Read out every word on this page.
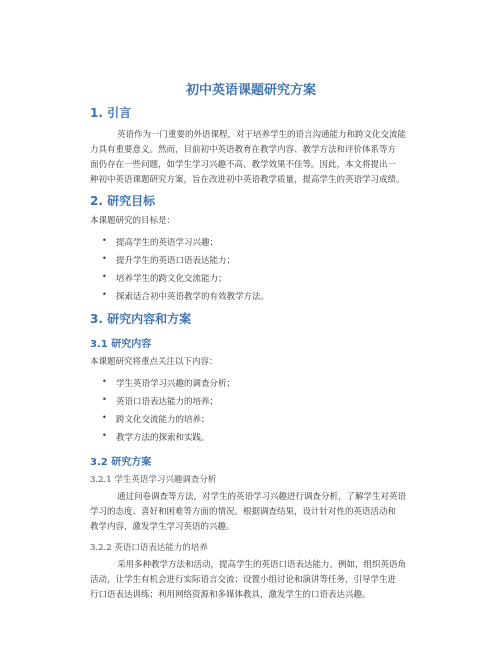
初中英语课题研究方案
1. 引言
英语作为一门重要的外语课程，对于培养学生的语言沟通能力和跨文化交流能
力具有重要意义。然而，目前初中英语教育在教学内容、教学方法和评价体系等方
面仍存在一些问题，如学生学习兴趣不高、教学效果不佳等。因此，本文将提出一
种初中英语课题研究方案，旨在改进初中英语教学质量，提高学生的英语学习成绩。
2. 研究目标
本课题研究的目标是：
• 提高学生的英语学习兴趣；
• 提升学生的英语口语表达能力；
• 培养学生的跨文化交流能力；
• 探索适合初中英语教学的有效教学方法。
3. 研究内容和方案
3.1 研究内容
本课题研究将重点关注以下内容：
• 学生英语学习兴趣的调查分析；
• 英语口语表达能力的培养；
• 跨文化交流能力的培养；
• 教学方法的探索和实践。
3.2 研究方案
3.2.1 学生英语学习兴趣调查分析
通过问卷调查等方法，对学生的英语学习兴趣进行调查分析，了解学生对英语
学习的态度、喜好和困难等方面的情况。根据调查结果，设计针对性的英语活动和
教学内容，激发学生学习英语的兴趣。
3.2.2 英语口语表达能力的培养
采用多种教学方法和活动，提高学生的英语口语表达能力。例如，组织英语角
活动，让学生有机会进行实际语言交流；设置小组讨论和演讲等任务，引导学生进
行口语表达训练；利用网络资源和多媒体教具，激发学生的口语表达兴趣。
